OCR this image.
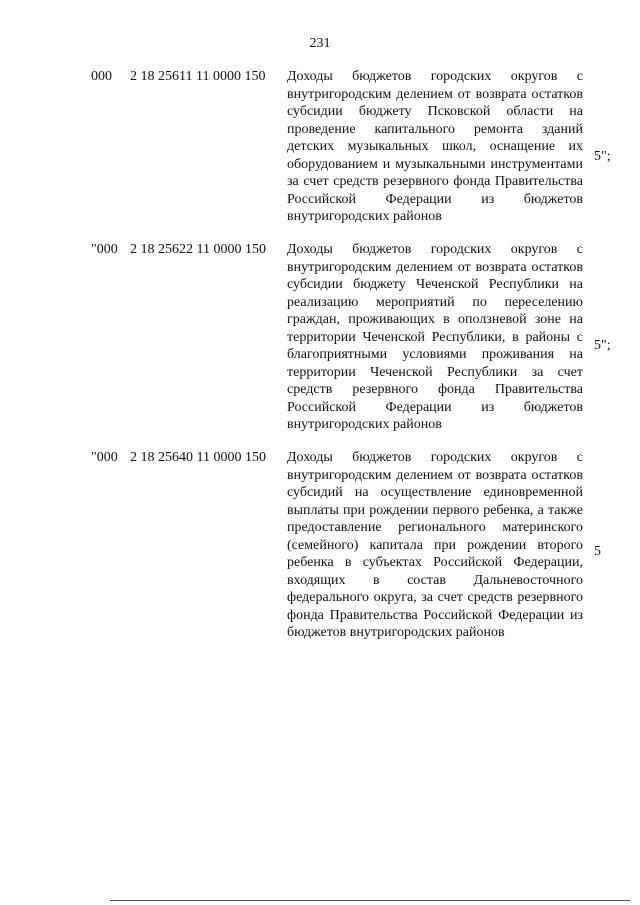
231
000 2 18 25611 11 0000 150 Доходы бюджетов городских округов с внутригородским делением от возврата остатков субсидии бюджету Псковской области на проведение капитального ремонта зданий детских музыкальных школ, оснащение их оборудованием и музыкальными инструментами за счет средств резервного фонда Правительства Российской Федерации из бюджетов внутригородских районов
5";
"000 2 18 25622 11 0000 150 Доходы бюджетов городских округов с внутригородским делением от возврата остатков субсидии бюджету Чеченской Республики на реализацию мероприятий по переселению граждан, проживающих в оползневой зоне на территории Чеченской Республики, в районы с благоприятными условиями проживания на территории Чеченской Республики за счет средств резервного фонда Правительства Российской Федерации из бюджетов внутригородских районов
5";
"000 2 18 25640 11 0000 150 Доходы бюджетов городских округов с внутригородским делением от возврата остатков субсидий на осуществление единовременной выплаты при рождении первого ребенка, а также предоставление регионального материнского (семейного) капитала при рождении второго ребенка в субъектах Российской Федерации, входящих в состав Дальневосточного федерального округа, за счет средств резервного фонда Правительства Российской Федерации из бюджетов внутригородских районов
5
